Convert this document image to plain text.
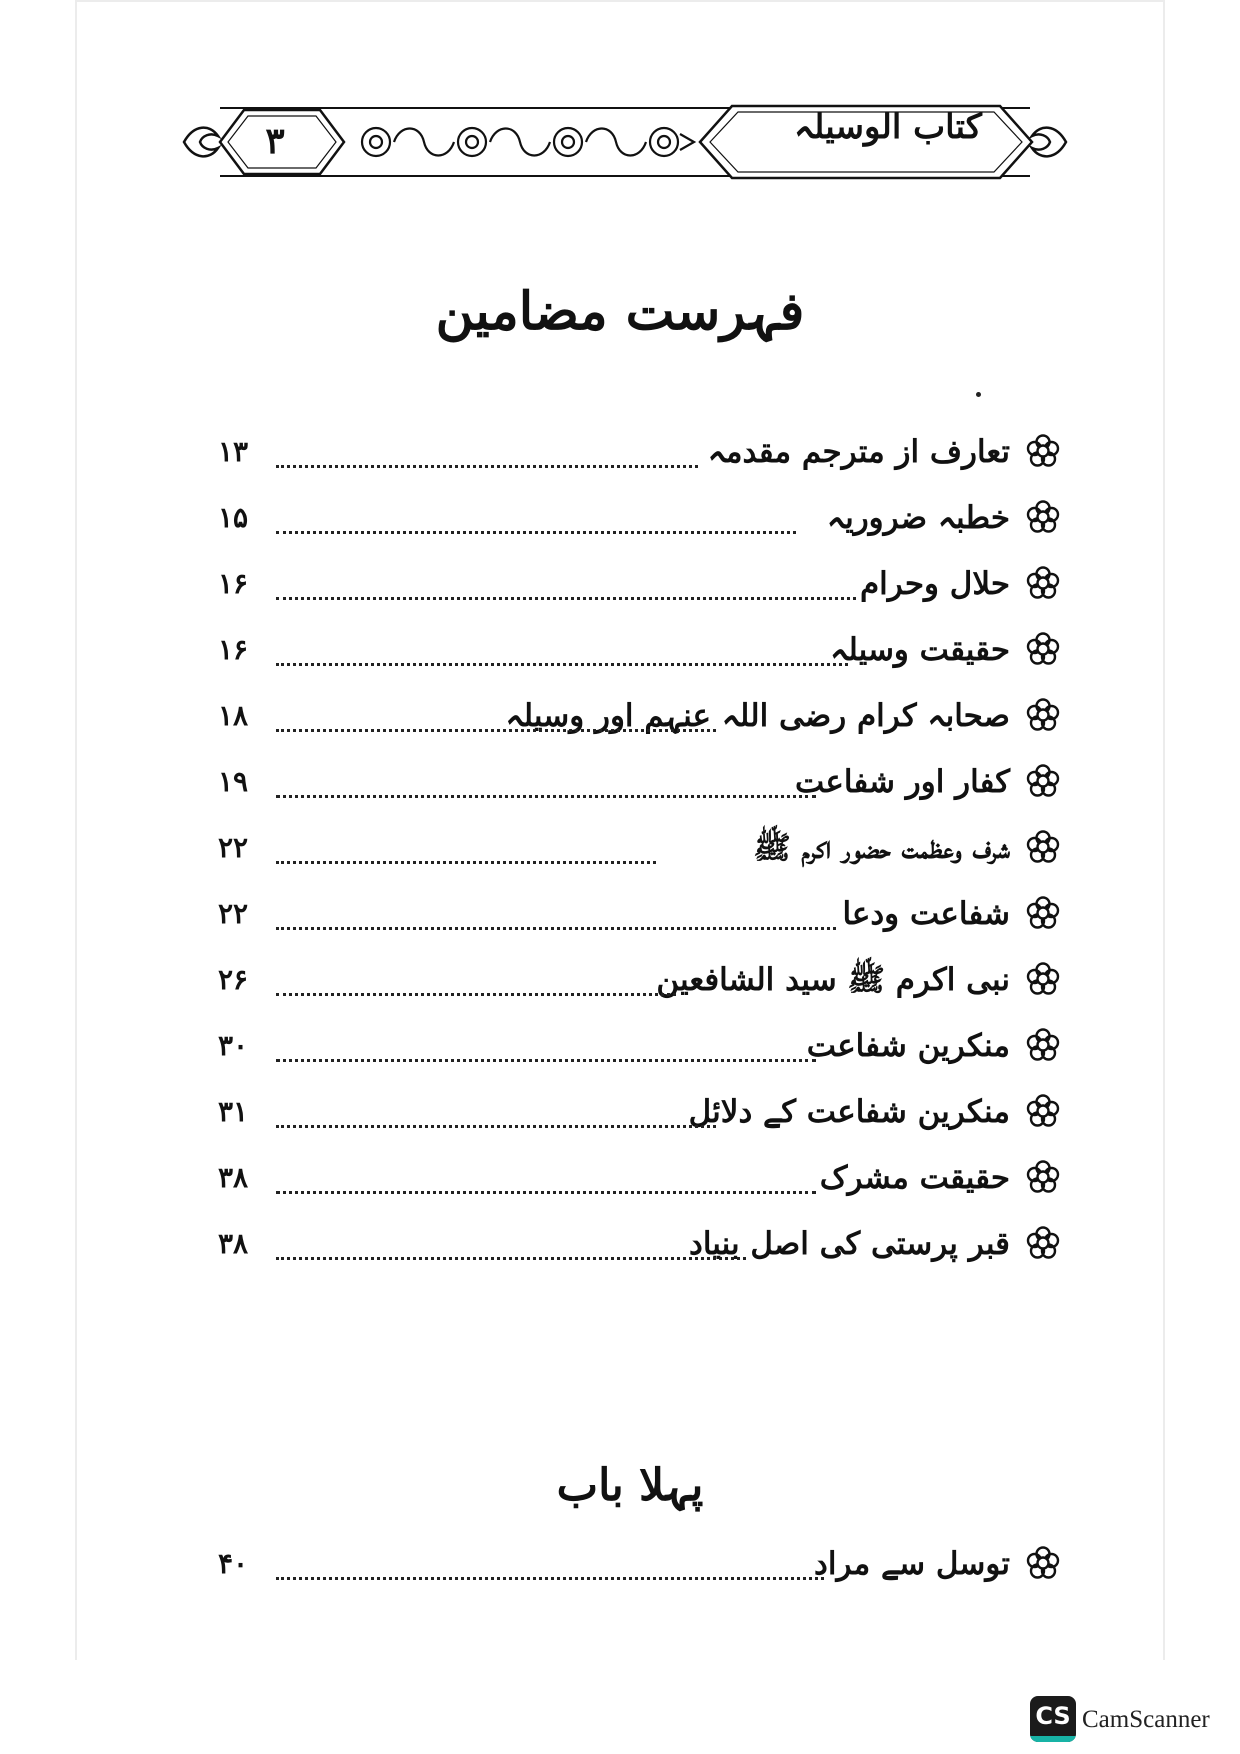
کتاب الوسیلہ
۳
فہرست مضامین
تعارف از مترجم مقدمہ
۱۳
خطبہ ضروریہ
۱۵
حلال وحرام
۱۶
حقیقت وسیلہ
۱۶
صحابہ کرام رضی اللہ عنہم اور وسیلہ
۱۸
کفار اور شفاعت
۱۹
شرف وعظمت حضور اکرم ﷺ
۲۲
شفاعت ودعا
۲۲
نبی اکرم ﷺ سید الشافعین
۲۶
منکرین شفاعت
۳۰
منکرین شفاعت کے دلائل
۳۱
حقیقت مشرک
۳۸
قبر پرستی کی اصل بنیاد
۳۸
پہلا باب
توسل سے مراد
۴۰
CS CamScanner
